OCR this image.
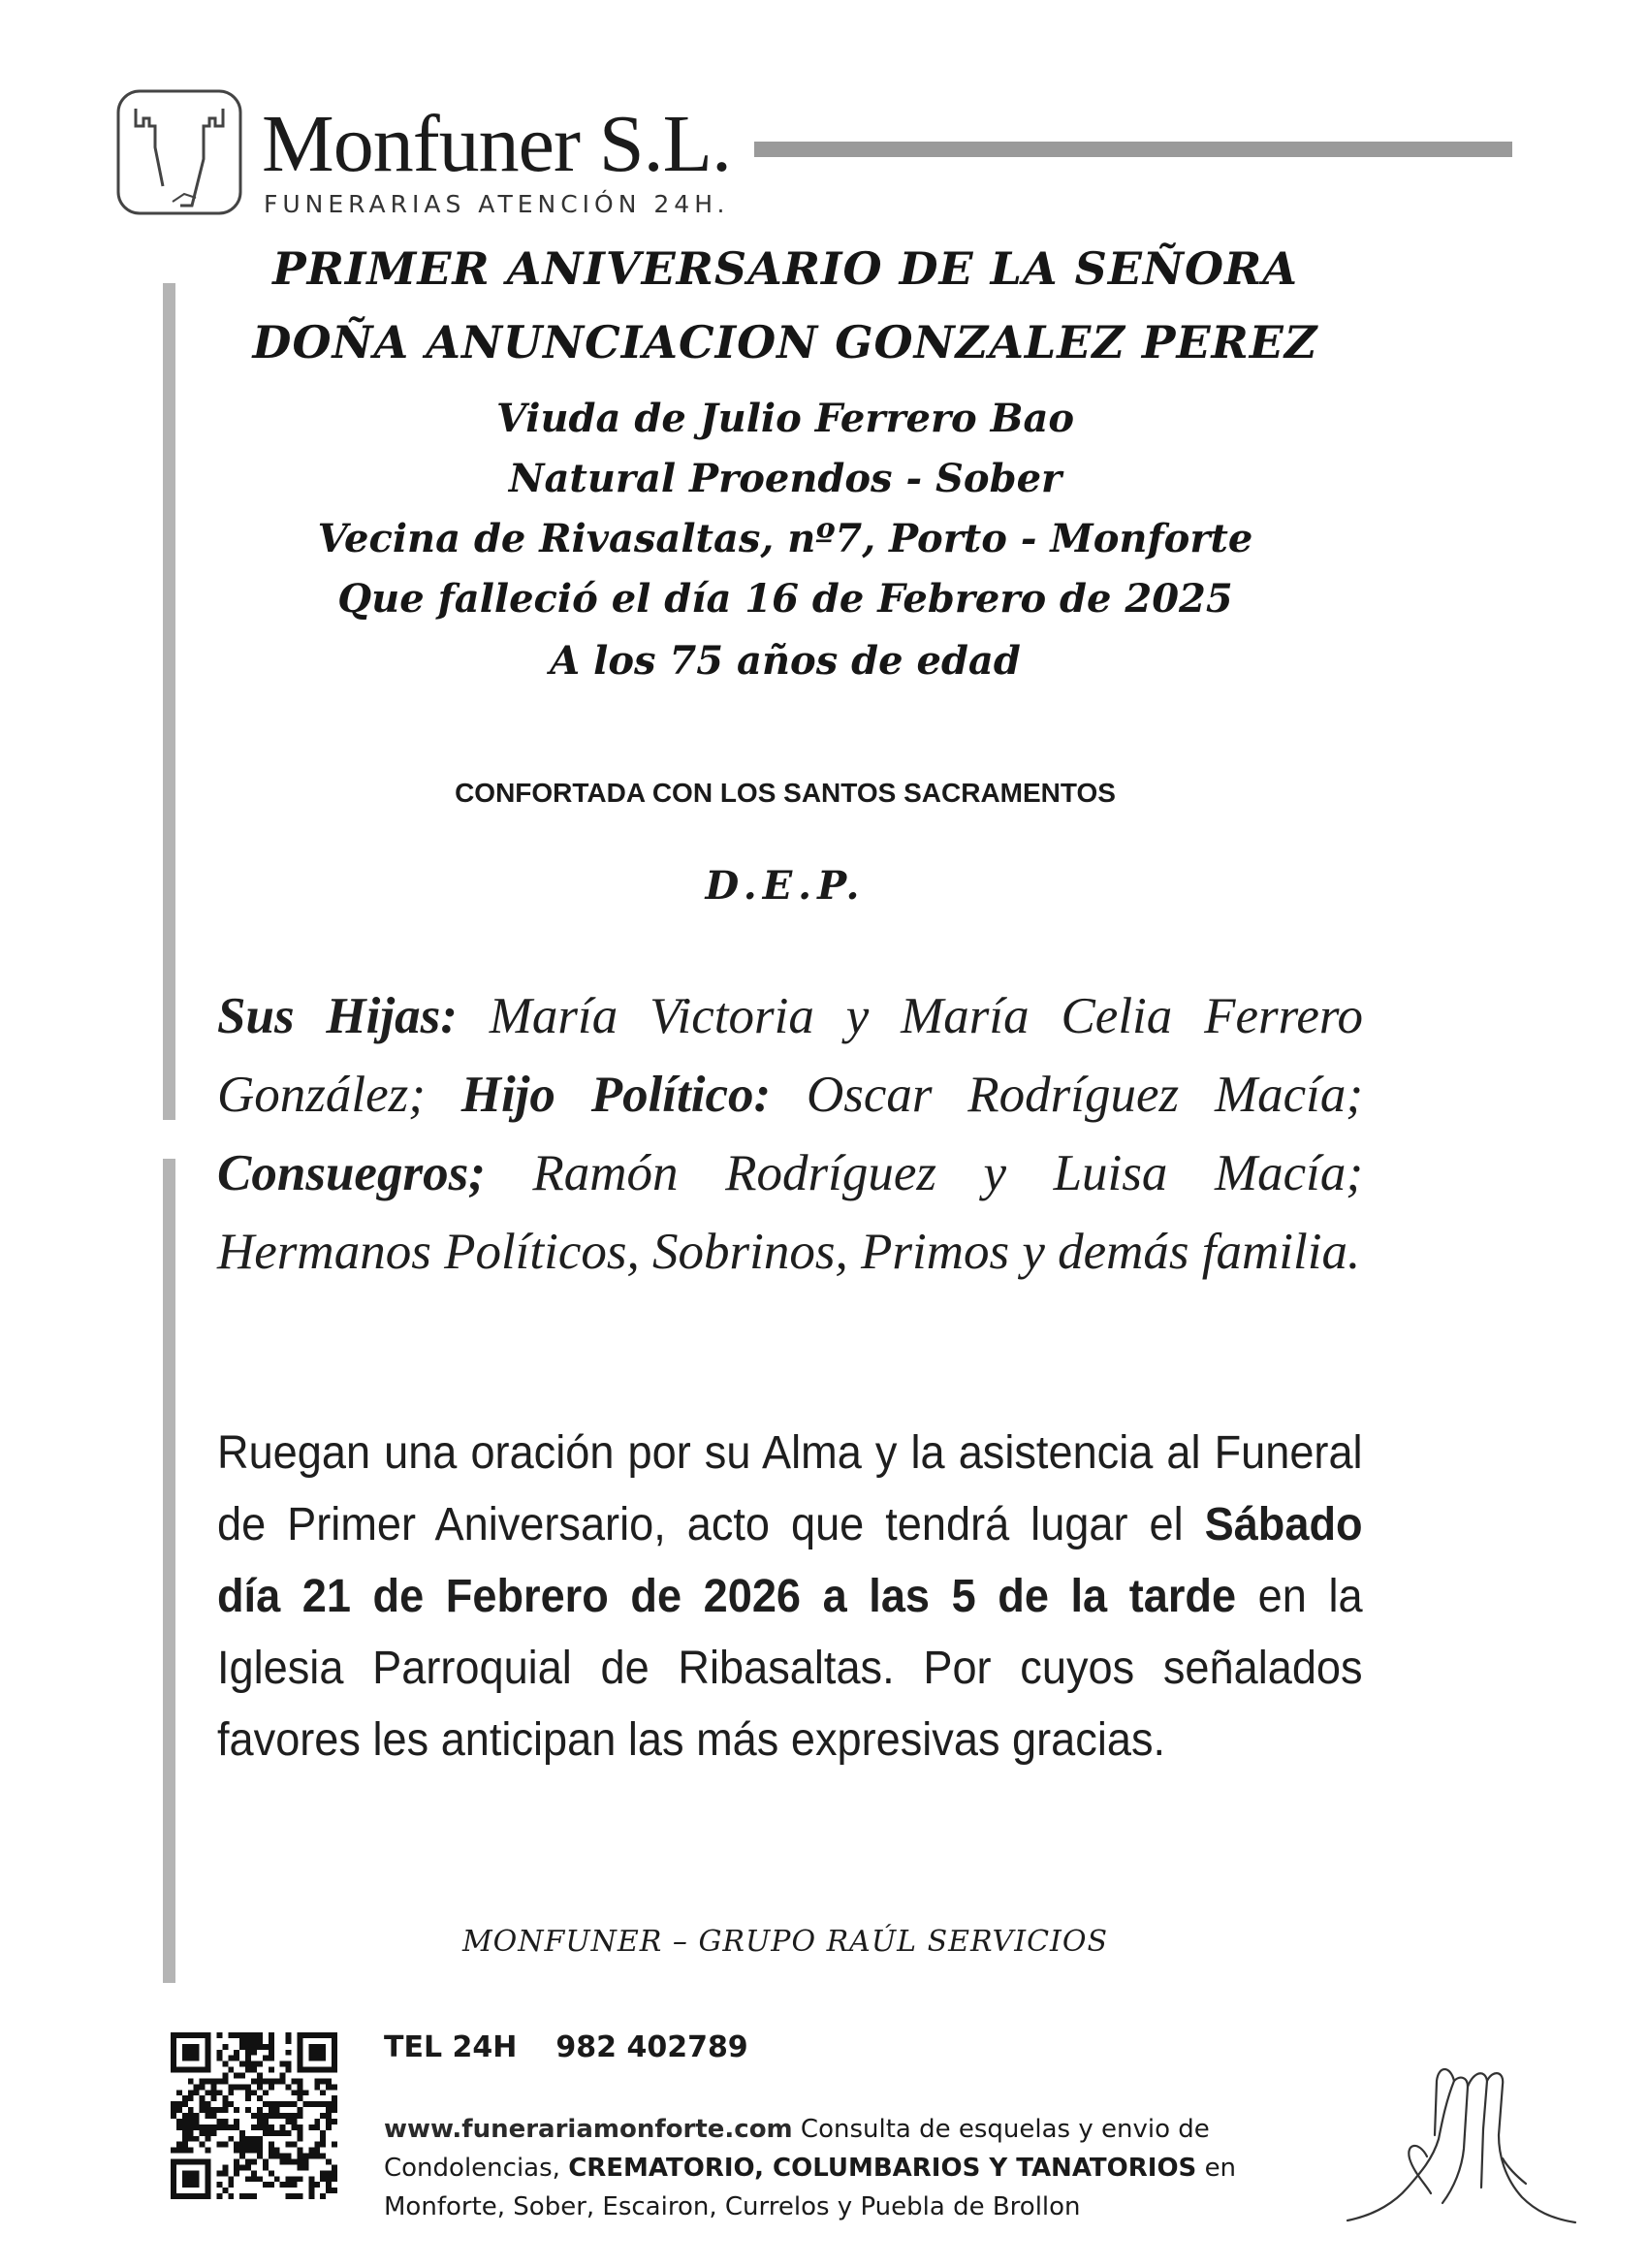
Monfuner S.L.
FUNERARIAS ATENCIÓN 24H.
PRIMER ANIVERSARIO DE LA SEÑORA
DOÑA ANUNCIACION GONZALEZ PEREZ
Viuda de Julio Ferrero Bao
Natural Proendos - Sober
Vecina de Rivasaltas, nº7, Porto - Monforte
Que falleció el día 16 de Febrero de 2025
A los 75 años de edad
CONFORTADA CON LOS SANTOS SACRAMENTOS
D.E.P.
Sus Hijas: María Victoria y María Celia Ferrero González; Hijo Político: Oscar Rodríguez Macía; Consuegros; Ramón Rodríguez y Luisa Macía; Hermanos Políticos, Sobrinos, Primos y demás familia.
Ruegan una oración por su Alma y la asistencia al Funeral de Primer Aniversario, acto que tendrá lugar el Sábado día 21 de Febrero de 2026 a las 5 de la tarde en la Iglesia Parroquial de Ribasaltas. Por cuyos señalados favores les anticipan las más expresivas gracias.
MONFUNER – GRUPO RAÚL SERVICIOS
TEL 24H 982 402789
www.funerariamonforte.com Consulta de esquelas y envio de Condolencias, CREMATORIO, COLUMBARIOS Y TANATORIOS en Monforte, Sober, Escairon, Currelos y Puebla de Brollon
